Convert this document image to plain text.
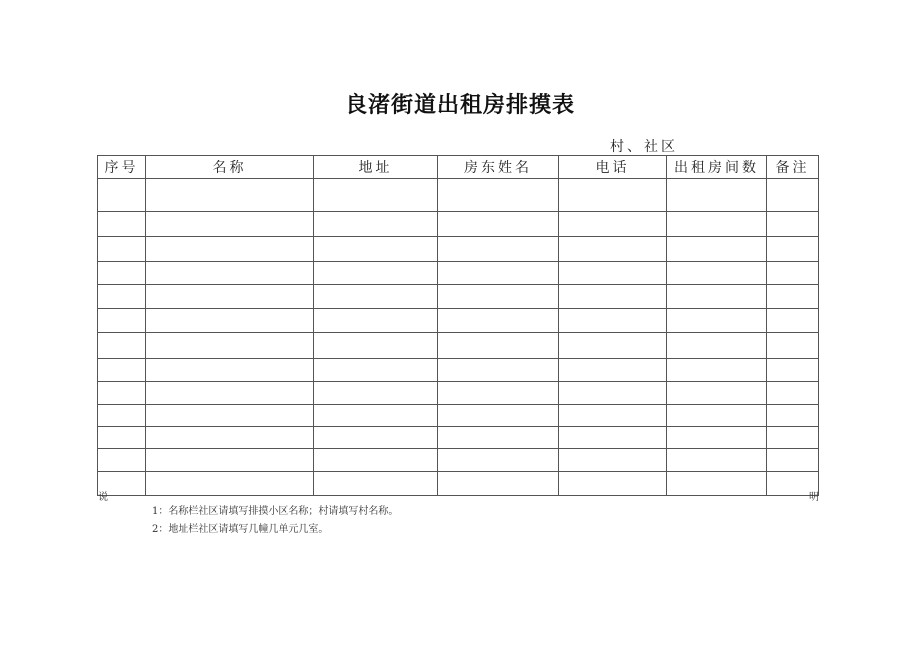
良渚街道出租房排摸表
村、社区
序号	名称	地址	房东姓名	电话	出租房间数	备注

说	明
1：名称栏社区请填写排摸小区名称；村请填写村名称。
2：地址栏社区请填写几幢几单元几室。
